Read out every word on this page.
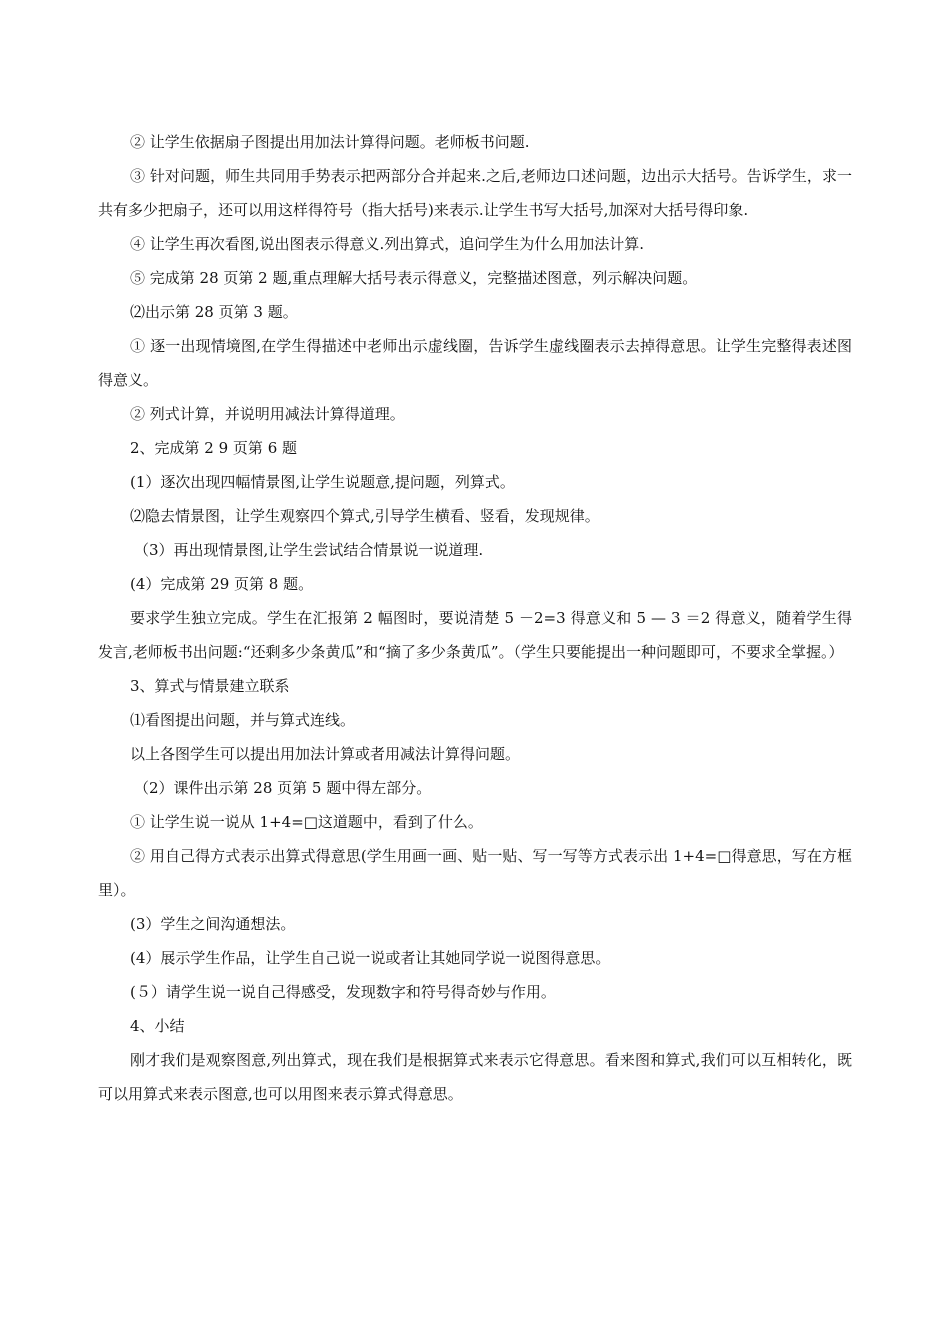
② 让学生依据扇子图提出用加法计算得问题。老师板书问题.

③ 针对问题，师生共同用手势表示把两部分合并起来.之后,老师边口述问题，边出示大括号。告诉学生，求一共有多少把扇子，还可以用这样得符号（指大括号)来表示.让学生书写大括号,加深对大括号得印象.

④ 让学生再次看图,说出图表示得意义.列出算式，追问学生为什么用加法计算.

⑤ 完成第 28 页第 2 题,重点理解大括号表示得意义，完整描述图意，列示解决问题。

⑵出示第 28 页第 3 题。

① 逐一出现情境图,在学生得描述中老师出示虚线圈，告诉学生虚线圈表示去掉得意思。让学生完整得表述图得意义。

② 列式计算，并说明用减法计算得道理。

2、完成第 2 9 页第 6 题

(1）逐次出现四幅情景图,让学生说题意,提问题，列算式。

⑵隐去情景图，让学生观察四个算式,引导学生横看、竖看，发现规律。

（3）再出现情景图,让学生尝试结合情景说一说道理.

(4）完成第 29 页第 8 题。

要求学生独立完成。学生在汇报第 2 幅图时，要说清楚 5 －2=3 得意义和 5 — 3 ＝2 得意义，随着学生得发言,老师板书出问题:“还剩多少条黄瓜”和“摘了多少条黄瓜”。（学生只要能提出一种问题即可，不要求全掌握。）

3、算式与情景建立联系

⑴看图提出问题，并与算式连线。

以上各图学生可以提出用加法计算或者用减法计算得问题。

（2）课件出示第 28 页第 5 题中得左部分。

① 让学生说一说从 1+4=□这道题中，看到了什么。

② 用自己得方式表示出算式得意思(学生用画一画、贴一贴、写一写等方式表示出 1+4=□得意思，写在方框里）。

(3）学生之间沟通想法。

(4）展示学生作品，让学生自己说一说或者让其她同学说一说图得意思。

(５）请学生说一说自己得感受，发现数字和符号得奇妙与作用。

4、小结

刚才我们是观察图意,列出算式，现在我们是根据算式来表示它得意思。看来图和算式,我们可以互相转化，既可以用算式来表示图意,也可以用图来表示算式得意思。
